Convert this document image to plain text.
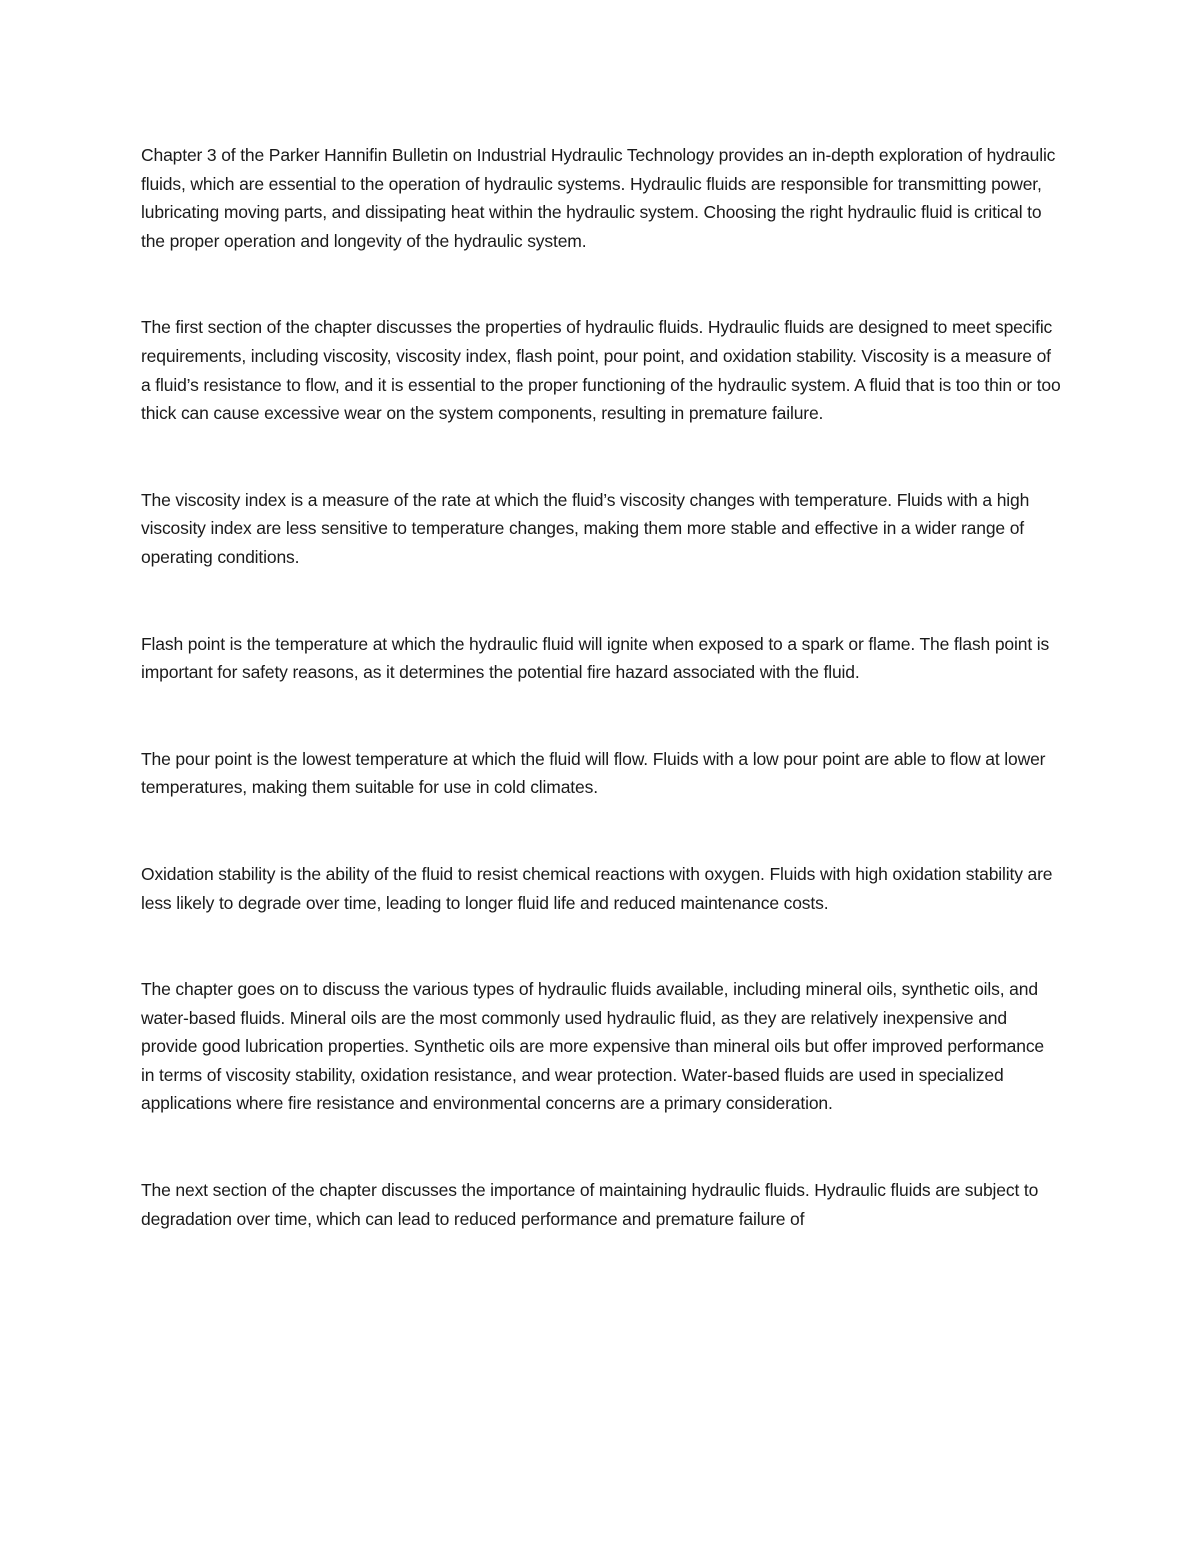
Chapter 3 of the Parker Hannifin Bulletin on Industrial Hydraulic Technology provides an in-depth exploration of hydraulic fluids, which are essential to the operation of hydraulic systems. Hydraulic fluids are responsible for transmitting power, lubricating moving parts, and dissipating heat within the hydraulic system. Choosing the right hydraulic fluid is critical to the proper operation and longevity of the hydraulic system.

The first section of the chapter discusses the properties of hydraulic fluids. Hydraulic fluids are designed to meet specific requirements, including viscosity, viscosity index, flash point, pour point, and oxidation stability. Viscosity is a measure of a fluid’s resistance to flow, and it is essential to the proper functioning of the hydraulic system. A fluid that is too thin or too thick can cause excessive wear on the system components, resulting in premature failure.

The viscosity index is a measure of the rate at which the fluid’s viscosity changes with temperature. Fluids with a high viscosity index are less sensitive to temperature changes, making them more stable and effective in a wider range of operating conditions.

Flash point is the temperature at which the hydraulic fluid will ignite when exposed to a spark or flame. The flash point is important for safety reasons, as it determines the potential fire hazard associated with the fluid.

The pour point is the lowest temperature at which the fluid will flow. Fluids with a low pour point are able to flow at lower temperatures, making them suitable for use in cold climates.

Oxidation stability is the ability of the fluid to resist chemical reactions with oxygen. Fluids with high oxidation stability are less likely to degrade over time, leading to longer fluid life and reduced maintenance costs.

The chapter goes on to discuss the various types of hydraulic fluids available, including mineral oils, synthetic oils, and water-based fluids. Mineral oils are the most commonly used hydraulic fluid, as they are relatively inexpensive and provide good lubrication properties. Synthetic oils are more expensive than mineral oils but offer improved performance in terms of viscosity stability, oxidation resistance, and wear protection. Water-based fluids are used in specialized applications where fire resistance and environmental concerns are a primary consideration.

The next section of the chapter discusses the importance of maintaining hydraulic fluids. Hydraulic fluids are subject to degradation over time, which can lead to reduced performance and premature failure of
